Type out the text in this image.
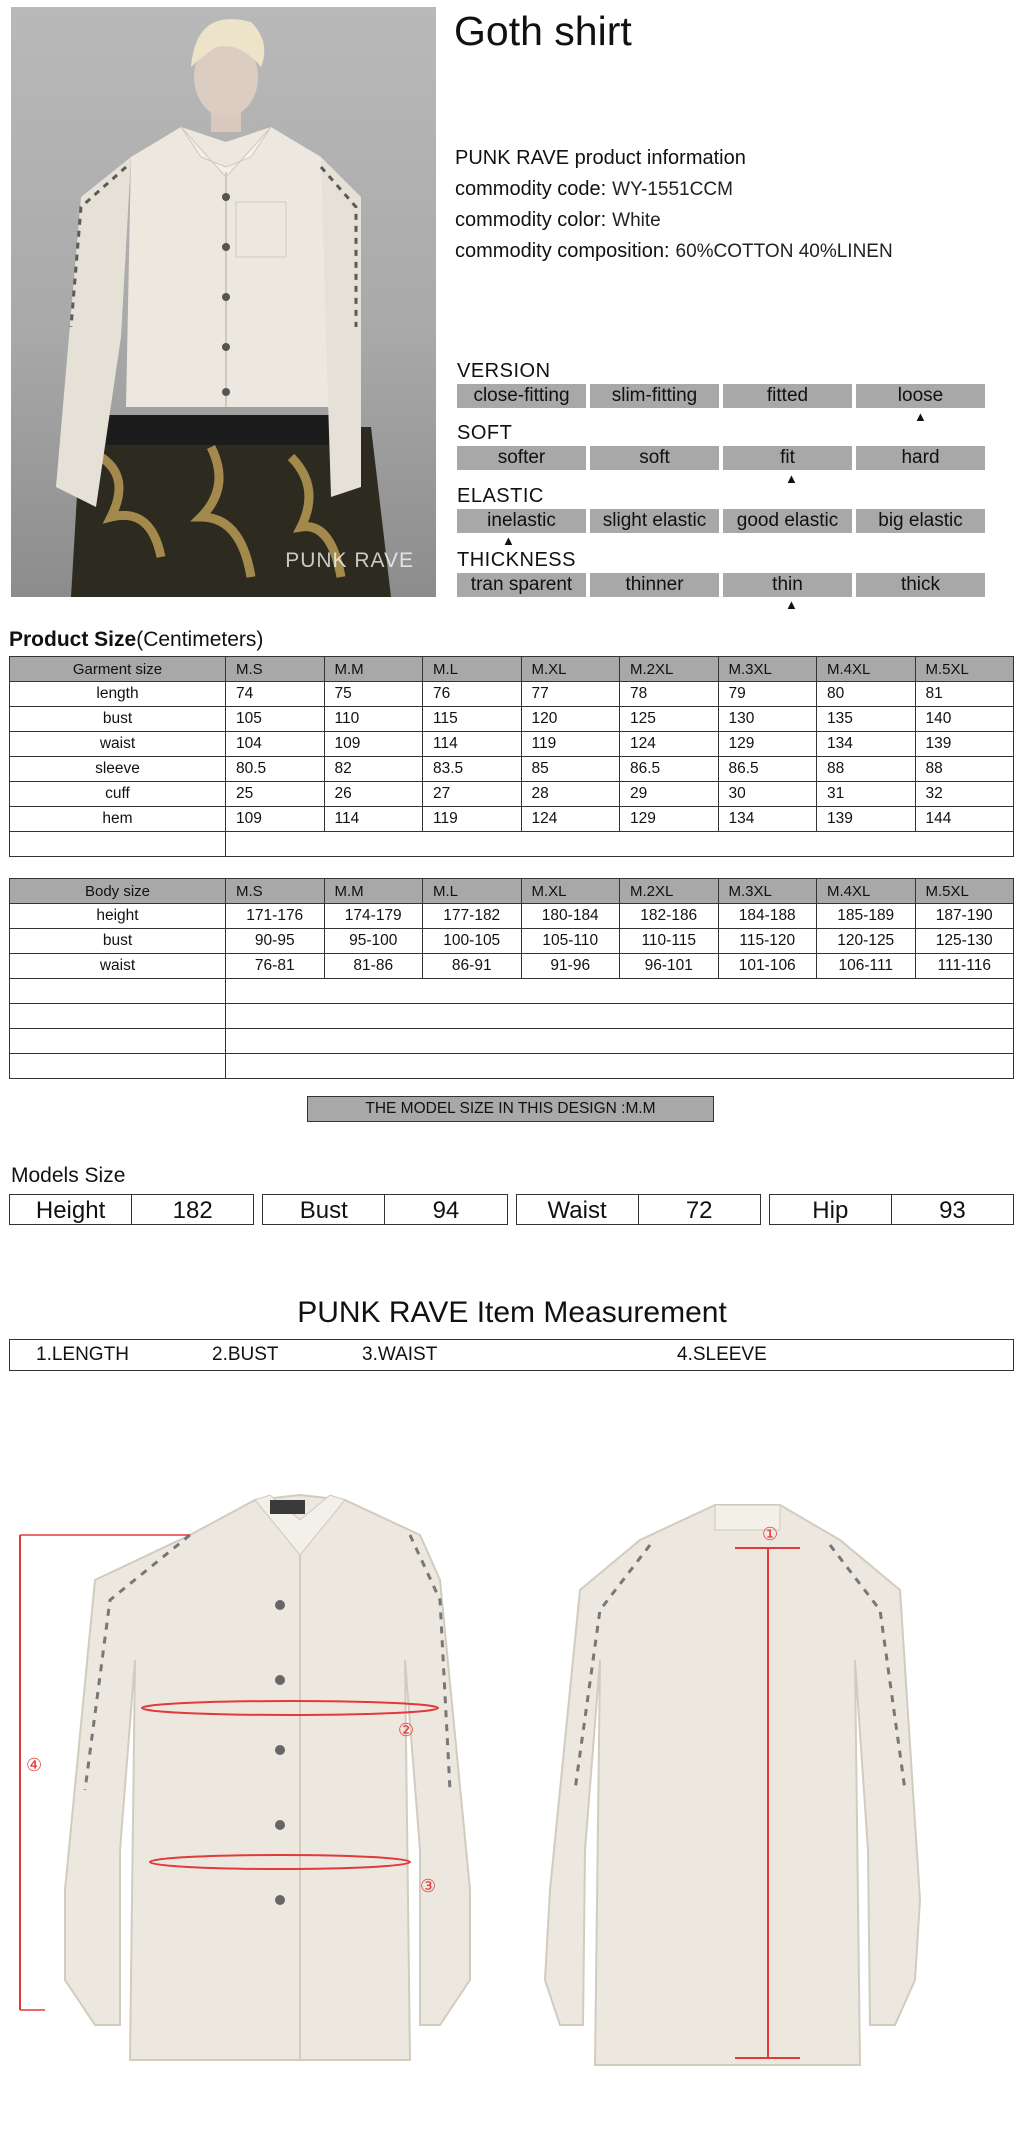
PUNK RAVE
Goth shirt
PUNK RAVE product information
commodity code: WY-1551CCM
commodity color: White
commodity composition: 60%COTTON 40%LINEN
VERSION
close-fitting	slim-fitting	fitted	loose
▲
SOFT
softer	soft	fit	hard
▲
ELASTIC
inelastic	slight elastic	good elastic	big elastic
▲
THICKNESS
tran sparent	thinner	thin	thick
▲
Product Size(Centimeters)
Garment size	M.S	M.M	M.L	M.XL	M.2XL	M.3XL	M.4XL	M.5XL
length	74	75	76	77	78	79	80	81
bust	105	110	115	120	125	130	135	140
waist	104	109	114	119	124	129	134	139
sleeve	80.5	82	83.5	85	86.5	86.5	88	88
cuff	25	26	27	28	29	30	31	32
hem	109	114	119	124	129	134	139	144

Body size	M.S	M.M	M.L	M.XL	M.2XL	M.3XL	M.4XL	M.5XL
height	171-176	174-179	177-182	180-184	182-186	184-188	185-189	187-190
bust	90-95	95-100	100-105	105-110	110-115	115-120	120-125	125-130
waist	76-81	81-86	86-91	91-96	96-101	101-106	106-111	111-116

THE MODEL SIZE IN THIS DESIGN :M.M
Models Size
Height	182	Bust	94	Waist	72	Hip	93
PUNK RAVE Item Measurement
1.LENGTH	2.BUST	3.WAIST	4.SLEEVE
④
②
③
①
